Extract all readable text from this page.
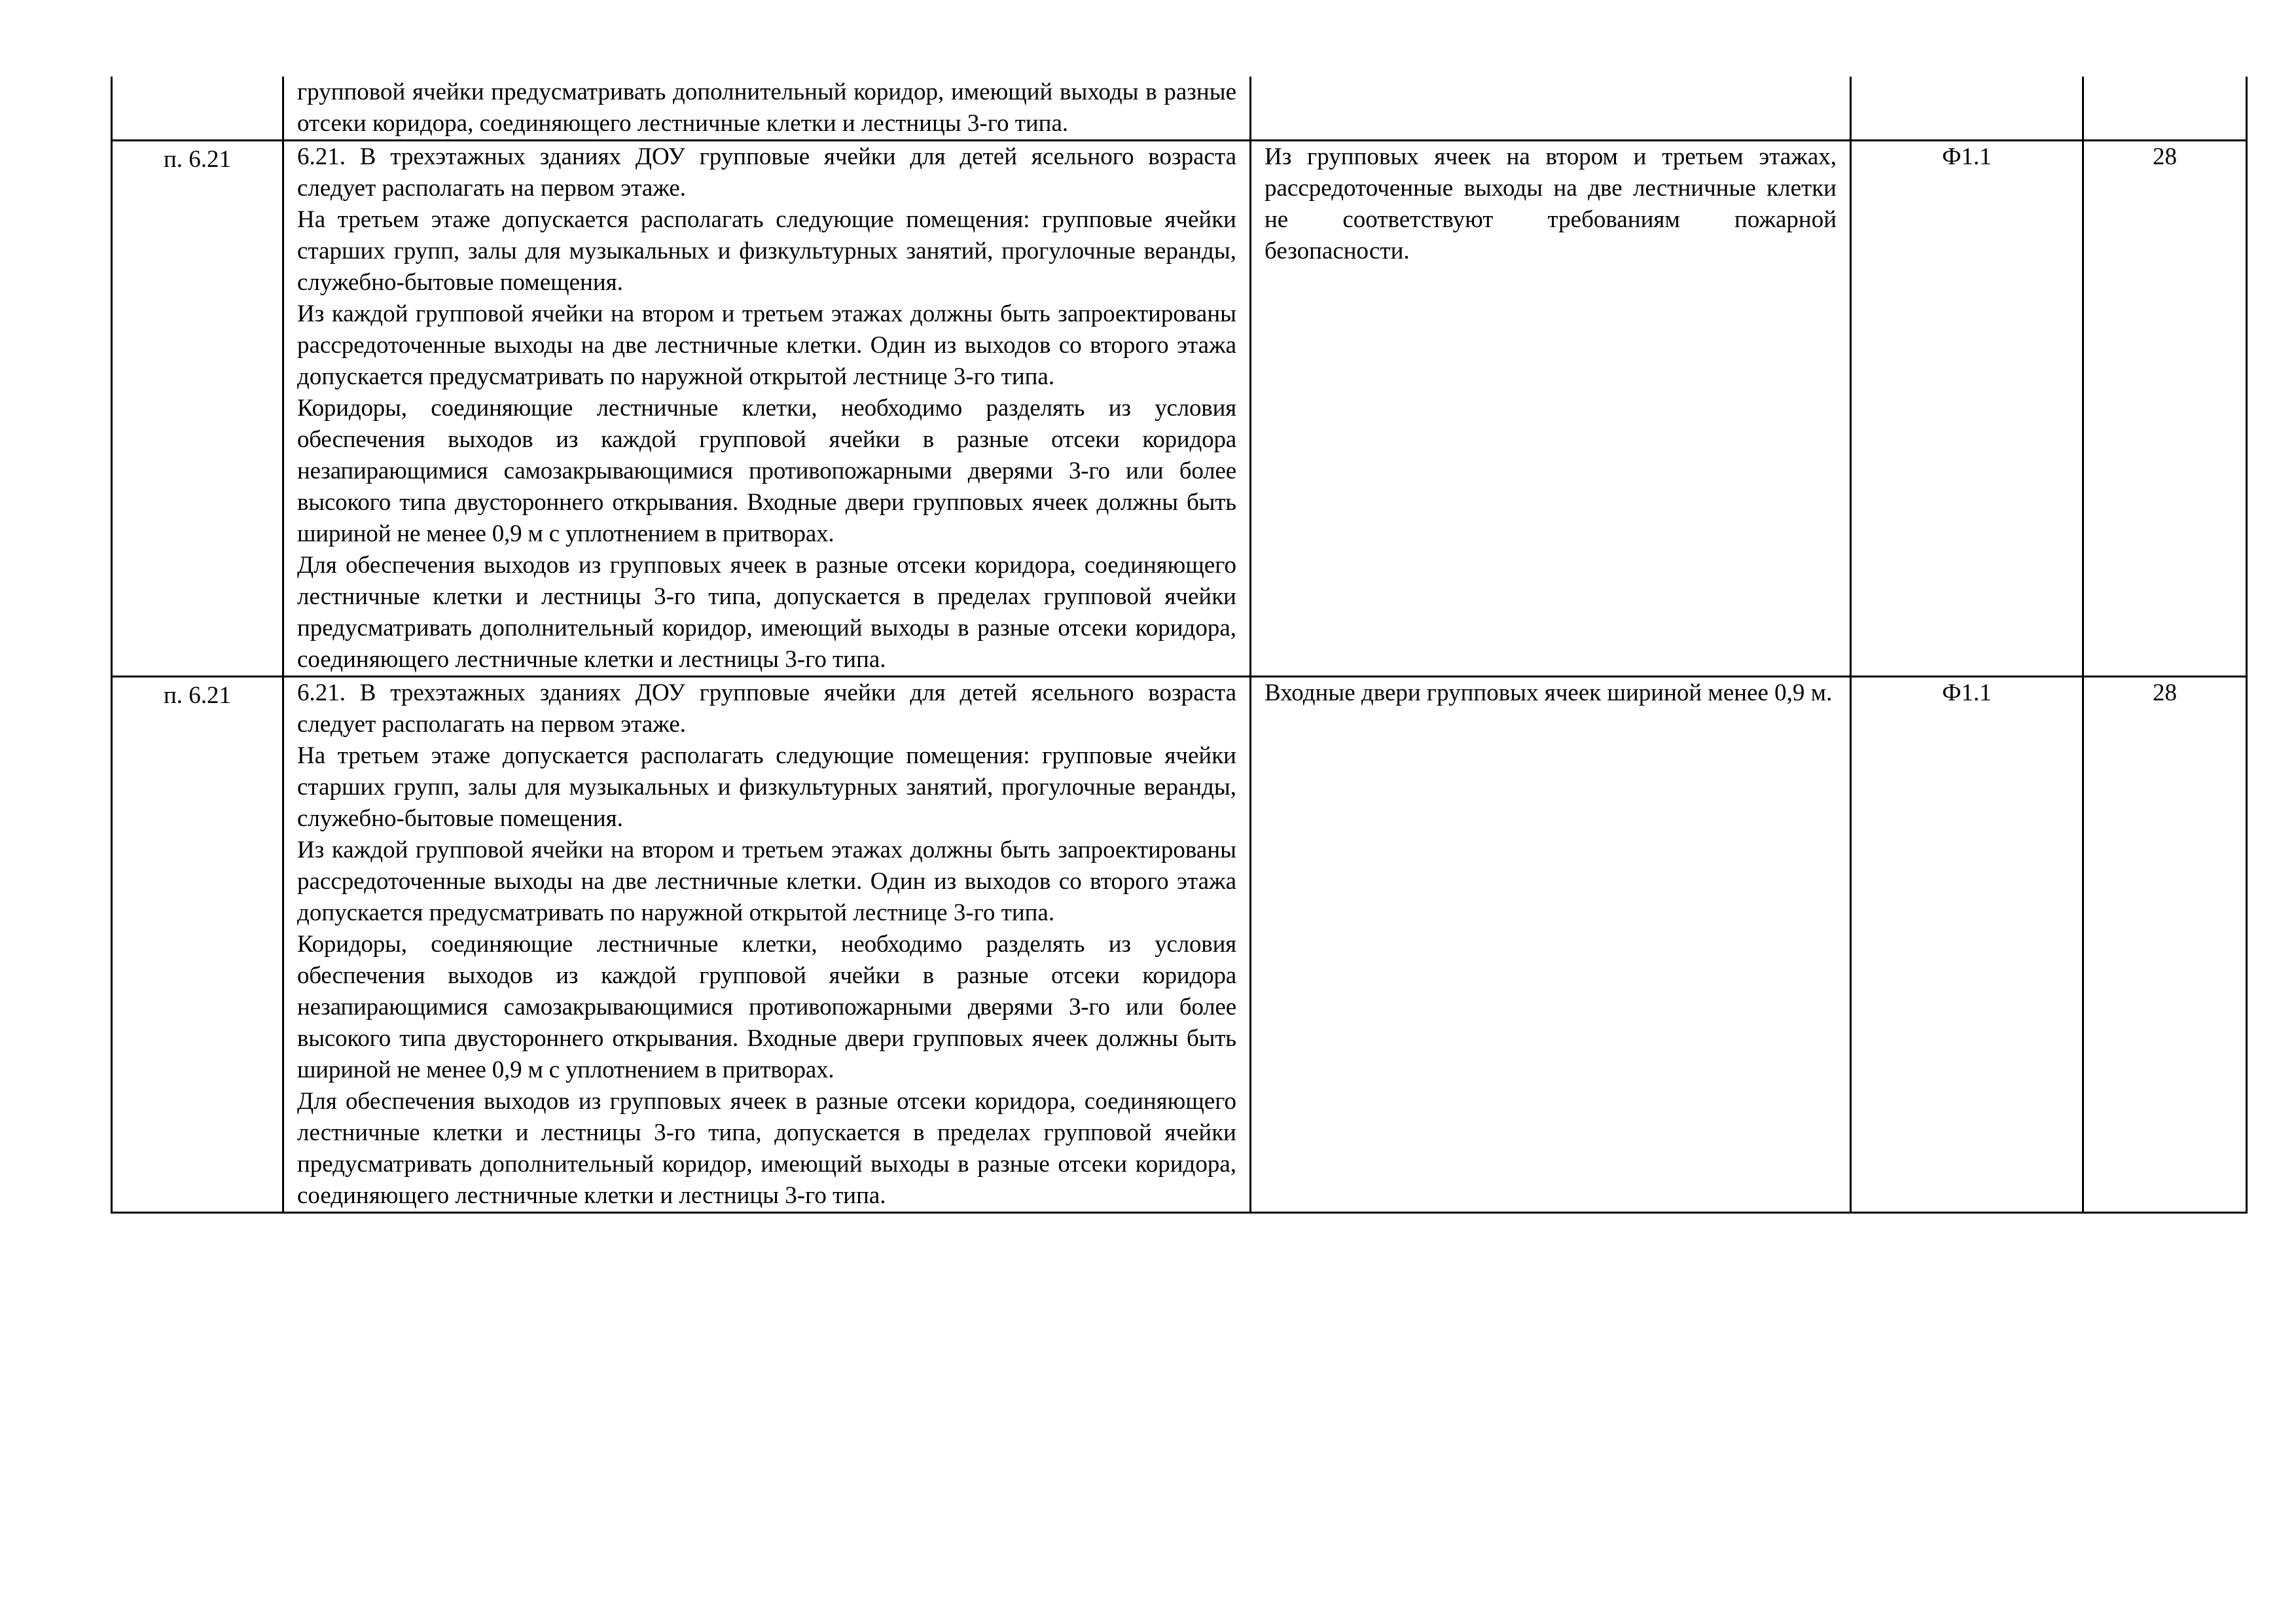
	групповой ячейки предусматривать дополнительный коридор, имеющий выходы в разные отсеки коридора, соединяющего лестничные клетки и лестницы 3-го типа.			

п. 6.21	6.21. В трехэтажных зданиях ДОУ групповые ячейки для детей ясельного возраста следует располагать на первом этаже.
На третьем этаже допускается располагать следующие помещения: групповые ячейки старших групп, залы для музыкальных и физкультурных занятий, прогулочные веранды, служебно-бытовые помещения.
Из каждой групповой ячейки на втором и третьем этажах должны быть запроектированы рассредоточенные выходы на две лестничные клетки. Один из выходов со второго этажа допускается предусматривать по наружной открытой лестнице 3-го типа.
Коридоры, соединяющие лестничные клетки, необходимо разделять из условия обеспечения выходов из каждой групповой ячейки в разные отсеки коридора незапирающимися самозакрывающимися противопожарными дверями 3-го или более высокого типа двустороннего открывания. Входные двери групповых ячеек должны быть шириной не менее 0,9 м с уплотнением в притворах.
Для обеспечения выходов из групповых ячеек в разные отсеки коридора, соединяющего лестничные клетки и лестницы 3-го типа, допускается в пределах групповой ячейки предусматривать дополнительный коридор, имеющий выходы в разные отсеки коридора, соединяющего лестничные клетки и лестницы 3-го типа.	Из групповых ячеек на втором и третьем этажах, рассредоточенные выходы на две лестничные клетки не соответствуют требованиям пожарной безопасности.	Ф1.1	28
п. 6.21	6.21. В трехэтажных зданиях ДОУ групповые ячейки для детей ясельного возраста следует располагать на первом этаже.
На третьем этаже допускается располагать следующие помещения: групповые ячейки старших групп, залы для музыкальных и физкультурных занятий, прогулочные веранды, служебно-бытовые помещения.
Из каждой групповой ячейки на втором и третьем этажах должны быть запроектированы рассредоточенные выходы на две лестничные клетки. Один из выходов со второго этажа допускается предусматривать по наружной открытой лестнице 3-го типа.
Коридоры, соединяющие лестничные клетки, необходимо разделять из условия обеспечения выходов из каждой групповой ячейки в разные отсеки коридора незапирающимися самозакрывающимися противопожарными дверями 3-го или более высокого типа двустороннего открывания. Входные двери групповых ячеек должны быть шириной не менее 0,9 м с уплотнением в притворах.
Для обеспечения выходов из групповых ячеек в разные отсеки коридора, соединяющего лестничные клетки и лестницы 3-го типа, допускается в пределах групповой ячейки предусматривать дополнительный коридор, имеющий выходы в разные отсеки коридора, соединяющего лестничные клетки и лестницы 3-го типа.	Входные двери групповых ячеек шириной менее 0,9 м.	Ф1.1	28
